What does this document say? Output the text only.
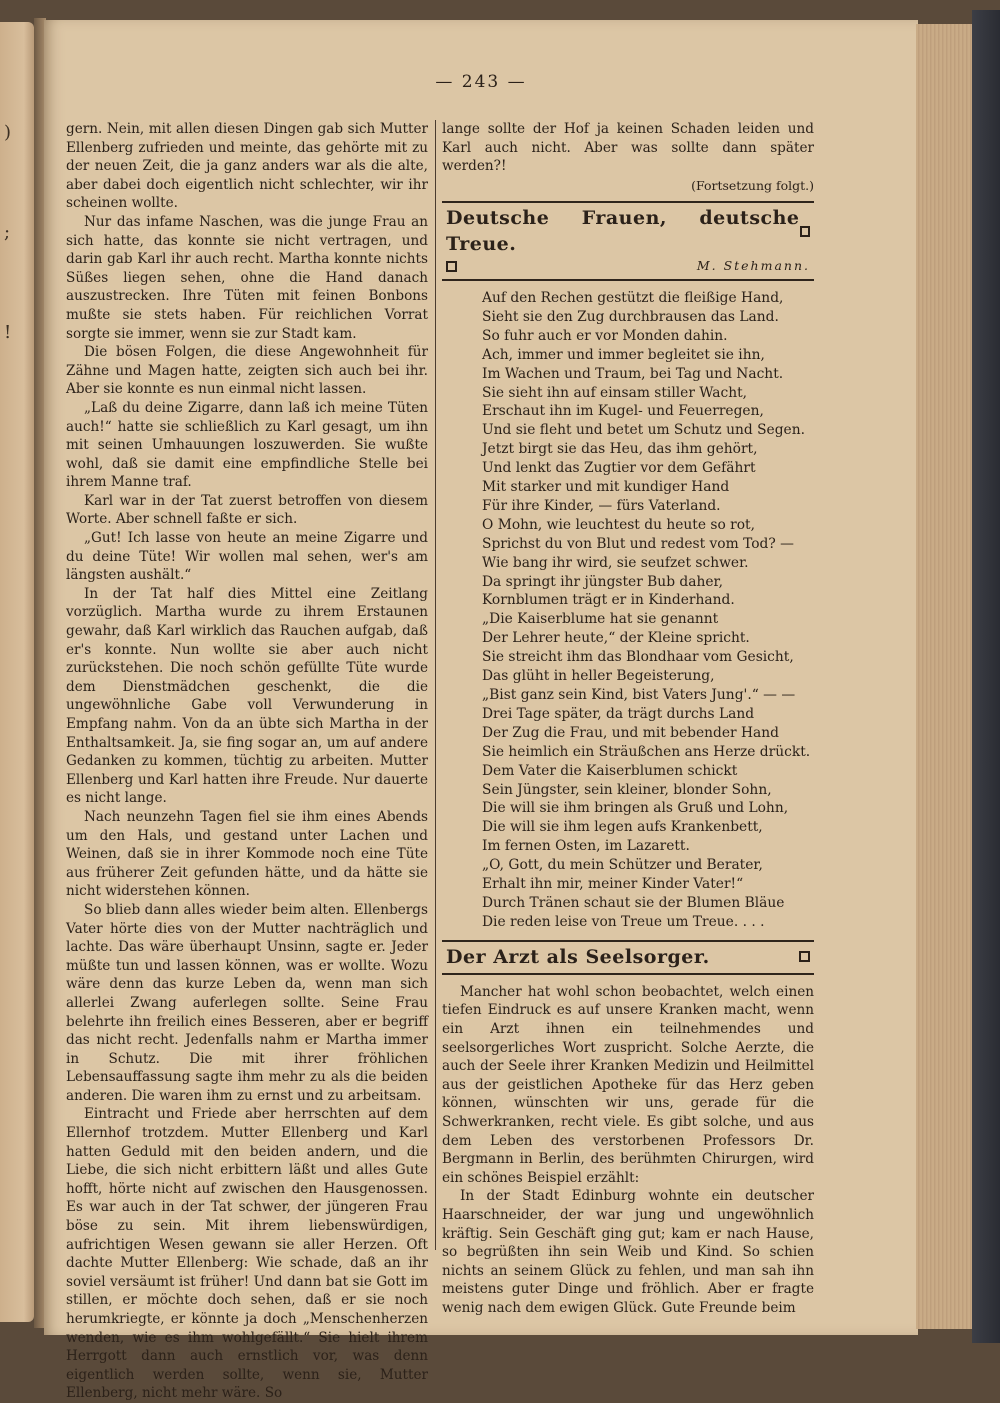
)
;
!
— 243 —

gern. Nein, mit allen diesen Dingen gab sich Mutter Ellenberg zufrieden und meinte, das gehörte mit zu der neuen Zeit, die ja ganz anders war als die alte, aber dabei doch eigentlich nicht schlechter, wir ihr scheinen wollte.

Nur das infame Naschen, was die junge Frau an sich hatte, das konnte sie nicht vertragen, und darin gab Karl ihr auch recht. Martha konnte nichts Süßes liegen sehen, ohne die Hand danach auszustrecken. Ihre Tüten mit feinen Bonbons mußte sie stets haben. Für reichlichen Vorrat sorgte sie immer, wenn sie zur Stadt kam.

Die bösen Folgen, die diese Angewohnheit für Zähne und Magen hatte, zeigten sich auch bei ihr. Aber sie konnte es nun einmal nicht lassen.

„Laß du deine Zigarre, dann laß ich meine Tüten auch!“ hatte sie schließlich zu Karl gesagt, um ihn mit seinen Umhauungen loszuwerden. Sie wußte wohl, daß sie damit eine empfindliche Stelle bei ihrem Manne traf.

Karl war in der Tat zuerst betroffen von diesem Worte. Aber schnell faßte er sich.

„Gut! Ich lasse von heute an meine Zigarre und du deine Tüte! Wir wollen mal sehen, wer's am längsten aushält.“

In der Tat half dies Mittel eine Zeitlang vorzüglich. Martha wurde zu ihrem Erstaunen gewahr, daß Karl wirklich das Rauchen aufgab, daß er's konnte. Nun wollte sie aber auch nicht zurückstehen. Die noch schön gefüllte Tüte wurde dem Dienstmädchen geschenkt, die die ungewöhnliche Gabe voll Verwunderung in Empfang nahm. Von da an übte sich Martha in der Enthaltsamkeit. Ja, sie fing sogar an, um auf andere Gedanken zu kommen, tüchtig zu arbeiten. Mutter Ellenberg und Karl hatten ihre Freude. Nur dauerte es nicht lange.

Nach neunzehn Tagen fiel sie ihm eines Abends um den Hals, und gestand unter Lachen und Weinen, daß sie in ihrer Kommode noch eine Tüte aus früherer Zeit gefunden hätte, und da hätte sie nicht widerstehen können.

So blieb dann alles wieder beim alten. Ellenbergs Vater hörte dies von der Mutter nachträglich und lachte. Das wäre überhaupt Unsinn, sagte er. Jeder müßte tun und lassen können, was er wollte. Wozu wäre denn das kurze Leben da, wenn man sich allerlei Zwang auferlegen sollte. Seine Frau belehrte ihn freilich eines Besseren, aber er begriff das nicht recht. Jedenfalls nahm er Martha immer in Schutz. Die mit ihrer fröhlichen Lebensauffassung sagte ihm mehr zu als die beiden anderen. Die waren ihm zu ernst und zu arbeitsam.

Eintracht und Friede aber herrschten auf dem Ellernhof trotzdem. Mutter Ellenberg und Karl hatten Geduld mit den beiden andern, und die Liebe, die sich nicht erbittern läßt und alles Gute hofft, hörte nicht auf zwischen den Hausgenossen. Es war auch in der Tat schwer, der jüngeren Frau böse zu sein. Mit ihrem liebenswürdigen, aufrichtigen Wesen gewann sie aller Herzen. Oft dachte Mutter Ellenberg: Wie schade, daß an ihr soviel versäumt ist früher! Und dann bat sie Gott im stillen, er möchte doch sehen, daß er sie noch herumkriegte, er könnte ja doch „Menschenherzen wenden, wie es ihm wohlgefällt.“ Sie hielt ihrem Herrgott dann auch ernstlich vor, was denn eigentlich werden sollte, wenn sie, Mutter Ellenberg, nicht mehr wäre. So

lange sollte der Hof ja keinen Schaden leiden und Karl auch nicht. Aber was sollte dann später werden?!

(Fortsetzung folgt.)
Deutsche Frauen, deutsche Treue.
M. Stehmann.
Auf den Rechen gestützt die fleißige Hand,
Sieht sie den Zug durchbrausen das Land.
So fuhr auch er vor Monden dahin.
Ach, immer und immer begleitet sie ihn,
Im Wachen und Traum, bei Tag und Nacht.
Sie sieht ihn auf einsam stiller Wacht,
Erschaut ihn im Kugel- und Feuerregen,
Und sie fleht und betet um Schutz und Segen.
Jetzt birgt sie das Heu, das ihm gehört,
Und lenkt das Zugtier vor dem Gefährt
Mit starker und mit kundiger Hand
Für ihre Kinder, — fürs Vaterland.
O Mohn, wie leuchtest du heute so rot,
Sprichst du von Blut und redest vom Tod? —
Wie bang ihr wird, sie seufzet schwer.
Da springt ihr jüngster Bub daher,
Kornblumen trägt er in Kinderhand.
„Die Kaiserblume hat sie genannt
Der Lehrer heute,“ der Kleine spricht.
Sie streicht ihm das Blondhaar vom Gesicht,
Das glüht in heller Begeisterung,
„Bist ganz sein Kind, bist Vaters Jung'.“ — —
Drei Tage später, da trägt durchs Land
Der Zug die Frau, und mit bebender Hand
Sie heimlich ein Sträußchen ans Herze drückt.
Dem Vater die Kaiserblumen schickt
Sein Jüngster, sein kleiner, blonder Sohn,
Die will sie ihm bringen als Gruß und Lohn,
Die will sie ihm legen aufs Krankenbett,
Im fernen Osten, im Lazarett.
„O, Gott, du mein Schützer und Berater,
Erhalt ihn mir, meiner Kinder Vater!“
Durch Tränen schaut sie der Blumen Bläue
Die reden leise von Treue um Treue. . . .
Der Arzt als Seelsorger.

Mancher hat wohl schon beobachtet, welch einen tiefen Eindruck es auf unsere Kranken macht, wenn ein Arzt ihnen ein teilnehmendes und seelsorgerliches Wort zuspricht. Solche Aerzte, die auch der Seele ihrer Kranken Medizin und Heilmittel aus der geistlichen Apotheke für das Herz geben können, wünschten wir uns, gerade für die Schwerkranken, recht viele. Es gibt solche, und aus dem Leben des verstorbenen Professors Dr. Bergmann in Berlin, des berühmten Chirurgen, wird ein schönes Beispiel erzählt:

In der Stadt Edinburg wohnte ein deutscher Haarschneider, der war jung und ungewöhnlich kräftig. Sein Geschäft ging gut; kam er nach Hause, so begrüßten ihn sein Weib und Kind. So schien nichts an seinem Glück zu fehlen, und man sah ihn meistens guter Dinge und fröhlich. Aber er fragte wenig nach dem ewigen Glück. Gute Freunde beim
